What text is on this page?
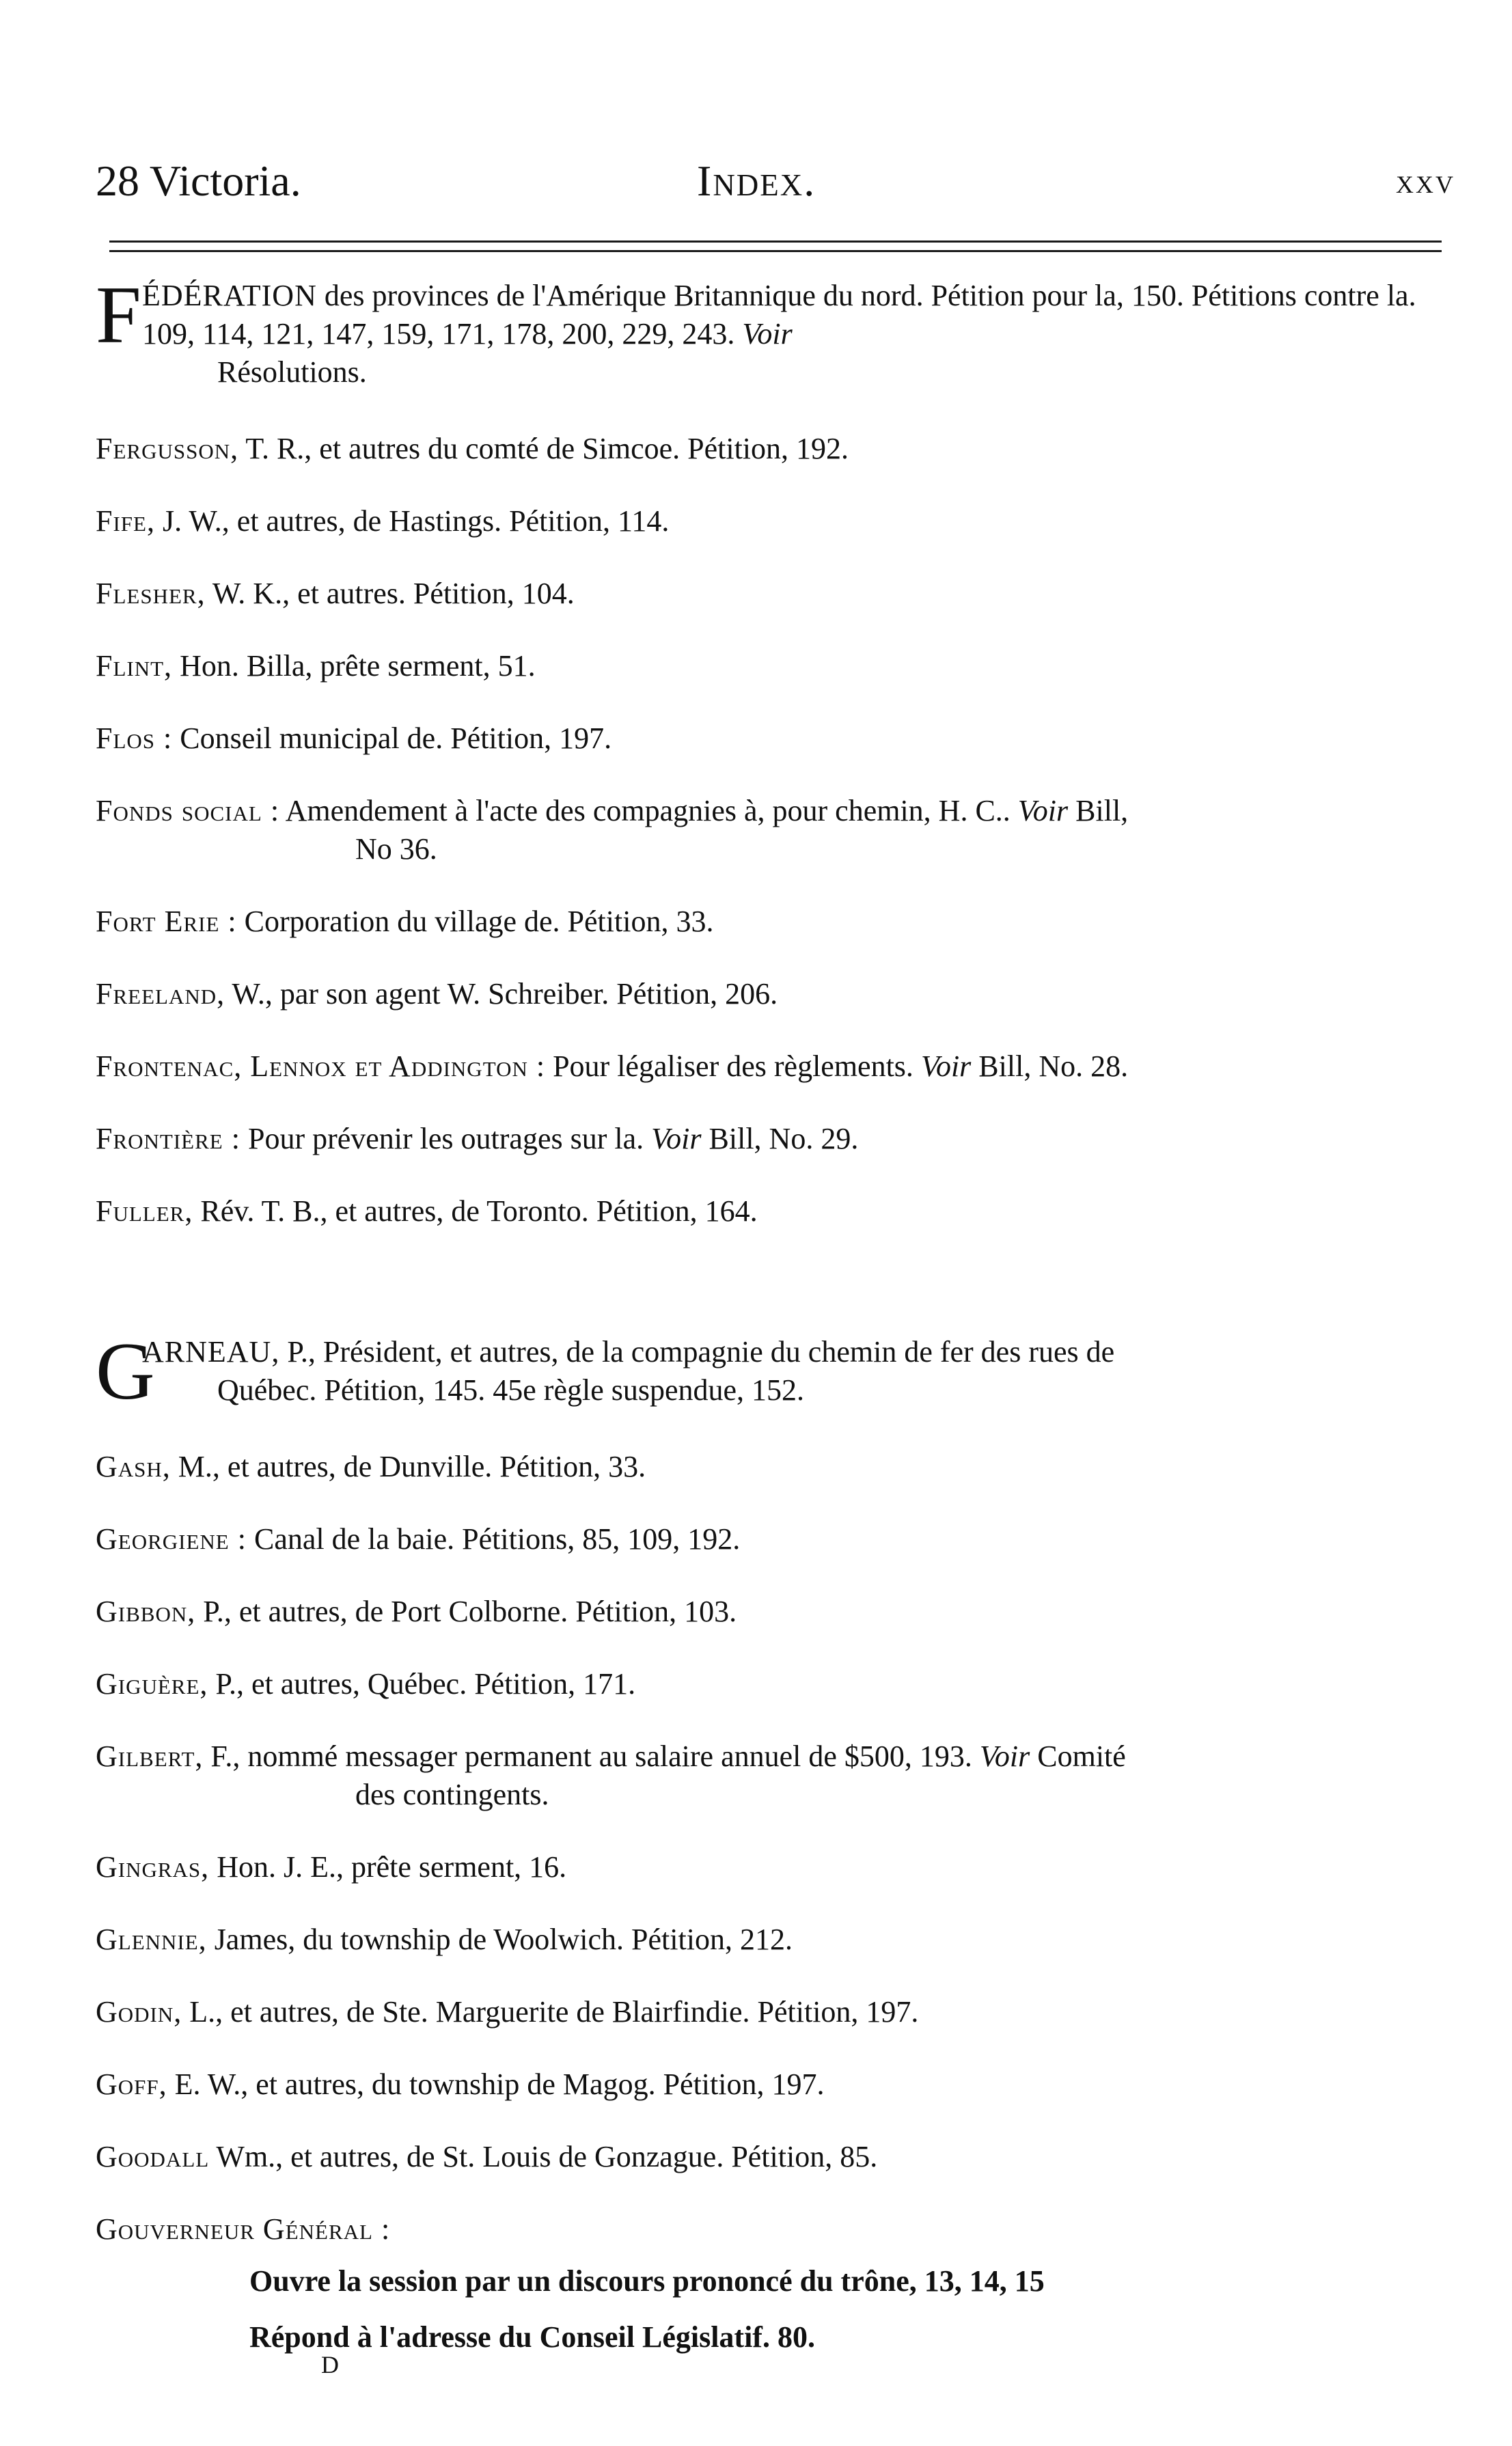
28 Victoria.	Index.	xxv
F ÉDÉRATION des provinces de l'Amérique Britannique du nord. Pétition pour la, 150. Pétitions contre la. 109, 114, 121, 147, 159, 171, 178, 200, 229, 243. Voir
Résolutions.
Fergusson, T. R., et autres du comté de Simcoe. Pétition, 192.
Fife, J. W., et autres, de Hastings. Pétition, 114.
Flesher, W. K., et autres. Pétition, 104.
Flint, Hon. Billa, prête serment, 51.
Flos : Conseil municipal de. Pétition, 197.
Fonds social : Amendement à l'acte des compagnies à, pour chemin, H. C.. Voir Bill,
No 36.
Fort Erie : Corporation du village de. Pétition, 33.
Freeland, W., par son agent W. Schreiber. Pétition, 206.
Frontenac, Lennox et Addington : Pour légaliser des règlements. Voir Bill, No. 28.
Frontière : Pour prévenir les outrages sur la. Voir Bill, No. 29.
Fuller, Rév. T. B., et autres, de Toronto. Pétition, 164.
G
ARNEAU, P., Président, et autres, de la compagnie du chemin de fer des rues de
Québec. Pétition, 145. 45e règle suspendue, 152.
Gash, M., et autres, de Dunville. Pétition, 33.
Georgiene : Canal de la baie. Pétitions, 85, 109, 192.
Gibbon, P., et autres, de Port Colborne. Pétition, 103.
Giguère, P., et autres, Québec. Pétition, 171.
Gilbert, F., nommé messager permanent au salaire annuel de $500, 193. Voir Comité
des contingents.
Gingras, Hon. J. E., prête serment, 16.
Glennie, James, du township de Woolwich. Pétition, 212.
Godin, L., et autres, de Ste. Marguerite de Blairfindie. Pétition, 197.
Goff, E. W., et autres, du township de Magog. Pétition, 197.
Goodall Wm., et autres, de St. Louis de Gonzague. Pétition, 85.
Gouverneur Général :
Ouvre la session par un discours prononcé du trône, 13, 14, 15
Répond à l'adresse du Conseil Législatif. 80.
D
